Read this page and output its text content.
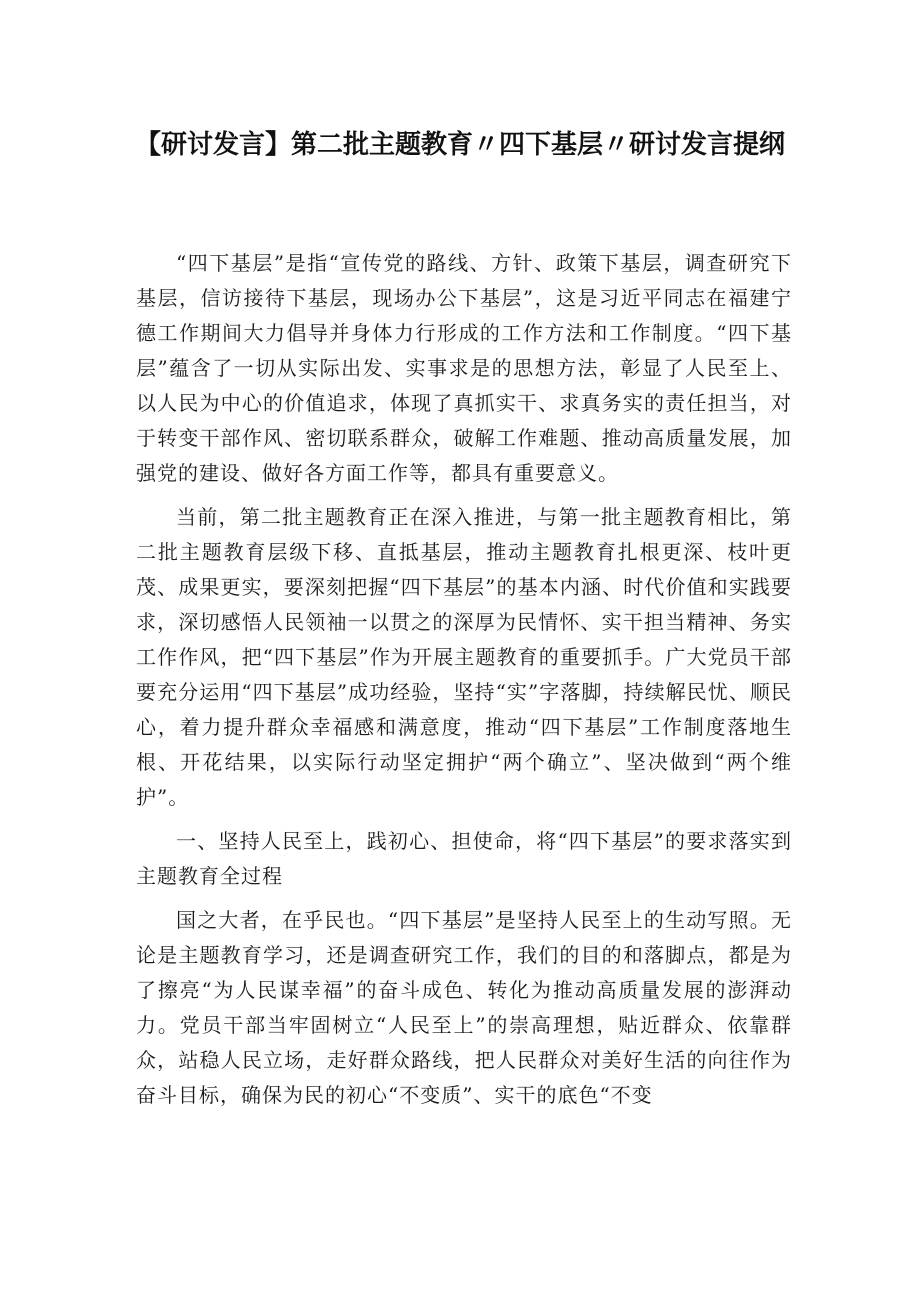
【研讨发言】第二批主题教育〃四下基层〃研讨发言提纲

“四下基层”是指“宣传党的路线、方针、政策下基层，调查研究下基层，信访接待下基层，现场办公下基层”，这是习近平同志在福建宁德工作期间大力倡导并身体力行形成的工作方法和工作制度。“四下基层”蕴含了一切从实际出发、实事求是的思想方法，彰显了人民至上、以人民为中心的价值追求，体现了真抓实干、求真务实的责任担当，对于转变干部作风、密切联系群众，破解工作难题、推动高质量发展，加强党的建设、做好各方面工作等，都具有重要意义。

当前，第二批主题教育正在深入推进，与第一批主题教育相比，第二批主题教育层级下移、直抵基层，推动主题教育扎根更深、枝叶更茂、成果更实，要深刻把握“四下基层”的基本内涵、时代价值和实践要求，深切感悟人民领袖一以贯之的深厚为民情怀、实干担当精神、务实工作作风，把“四下基层”作为开展主题教育的重要抓手。广大党员干部要充分运用“四下基层”成功经验，坚持“实”字落脚，持续解民忧、顺民心，着力提升群众幸福感和满意度，推动“四下基层”工作制度落地生根、开花结果，以实际行动坚定拥护“两个确立”、坚决做到“两个维护”。

一、坚持人民至上，践初心、担使命，将“四下基层”的要求落实到主题教育全过程

国之大者，在乎民也。“四下基层”是坚持人民至上的生动写照。无论是主题教育学习，还是调查研究工作，我们的目的和落脚点，都是为了擦亮“为人民谋幸福”的奋斗成色、转化为推动高质量发展的澎湃动力。党员干部当牢固树立“人民至上”的崇高理想，贴近群众、依靠群众，站稳人民立场，走好群众路线，把人民群众对美好生活的向往作为奋斗目标，确保为民的初心“不变质”、实干的底色“不变
